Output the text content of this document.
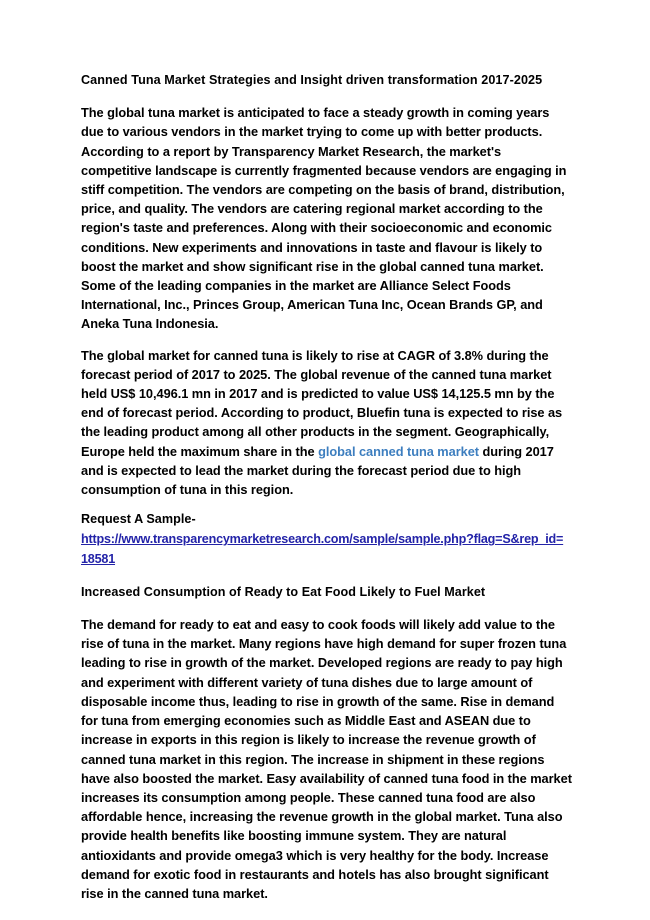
Canned Tuna Market Strategies and Insight driven transformation 2017-2025

The global tuna market is anticipated to face a steady growth in coming years due to various vendors in the market trying to come up with better products. According to a report by Transparency Market Research, the market's competitive landscape is currently fragmented because vendors are engaging in stiff competition. The vendors are competing on the basis of brand, distribution, price, and quality. The vendors are catering regional market according to the region's taste and preferences. Along with their socioeconomic and economic conditions. New experiments and innovations in taste and flavour is likely to boost the market and show significant rise in the global canned tuna market. Some of the leading companies in the market are Alliance Select Foods International, Inc., Princes Group, American Tuna Inc, Ocean Brands GP, and Aneka Tuna Indonesia.

The global market for canned tuna is likely to rise at CAGR of 3.8% during the forecast period of 2017 to 2025. The global revenue of the canned tuna market held US$ 10,496.1 mn in 2017 and is predicted to value US$ 14,125.5 mn by the end of forecast period. According to product, Bluefin tuna is expected to rise as the leading product among all other products in the segment. Geographically, Europe held the maximum share in the global canned tuna market during 2017 and is expected to lead the market during the forecast period due to high consumption of tuna in this region.

Request A Sample-
https://www.transparencymarketresearch.com/sample/sample.php?flag=S&rep_id=18581
Increased Consumption of Ready to Eat Food Likely to Fuel Market

The demand for ready to eat and easy to cook foods will likely add value to the rise of tuna in the market. Many regions have high demand for super frozen tuna leading to rise in growth of the market. Developed regions are ready to pay high and experiment with different variety of tuna dishes due to large amount of disposable income thus, leading to rise in growth of the same. Rise in demand for tuna from emerging economies such as Middle East and ASEAN due to increase in exports in this region is likely to increase the revenue growth of canned tuna market in this region. The increase in shipment in these regions have also boosted the market. Easy availability of canned tuna food in the market increases its consumption among people. These canned tuna food are also affordable hence, increasing the revenue growth in the global market. Tuna also provide health benefits like boosting immune system. They are natural antioxidants and provide omega3 which is very healthy for the body. Increase demand for exotic food in restaurants and hotels has also brought significant rise in the canned tuna market.
